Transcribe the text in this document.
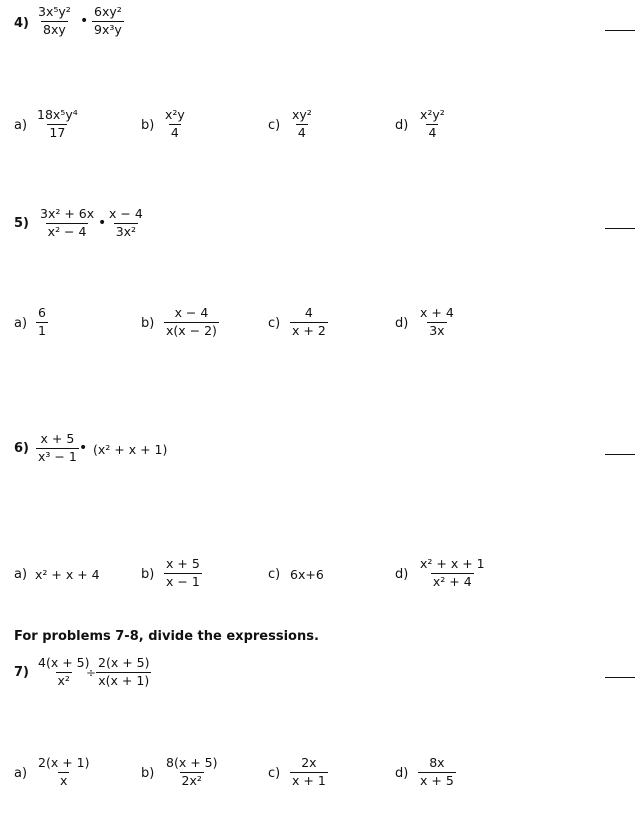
$4) \frac{\text{3x⁵y²}}{8xy}$ • $\frac{\text{6xy²}}{\text{9x³y}}$
$a) \frac{\text{18x⁵y⁴}}{17}$	$b) \frac{\text{x²y}}{4}$	$c) \frac{\text{xy²}}{4}$	$d) \frac{\text{x²y²}}{4}$
$5) \frac{\text{3x² + 6x}}{\text{x² − 4}}$ • $\frac{x - 4}{\text{3x²}}$
$a) \frac{6}{1}$	$b) \frac{x - 4}{x(x - 2)}$	$c) \frac{4}{x + 2}$	$d) \frac{x + 4}{3x}$
$6) \frac{x + 5}{\text{x³ − 1}}$ • (x² + x + 1)
a) x² + x + 4	$b) \frac{x + 5}{x - 1}$	c) 6x+6	$d) \frac{\text{x² + x + 1}}{\text{x² + 4}}$
For problems 7-8, divide the expressions.
$7) \frac{4(x + 5)}{\text{x²}}$
÷ $\frac{2(x + 5)}{x(x + 1)}$
$a) \frac{2(x + 1)}{x}$	$b) \frac{8(x + 5)}{\text{2x²}}$	$c) \frac{2x}{x + 1}$	$d) \frac{8x}{x + 5}$
